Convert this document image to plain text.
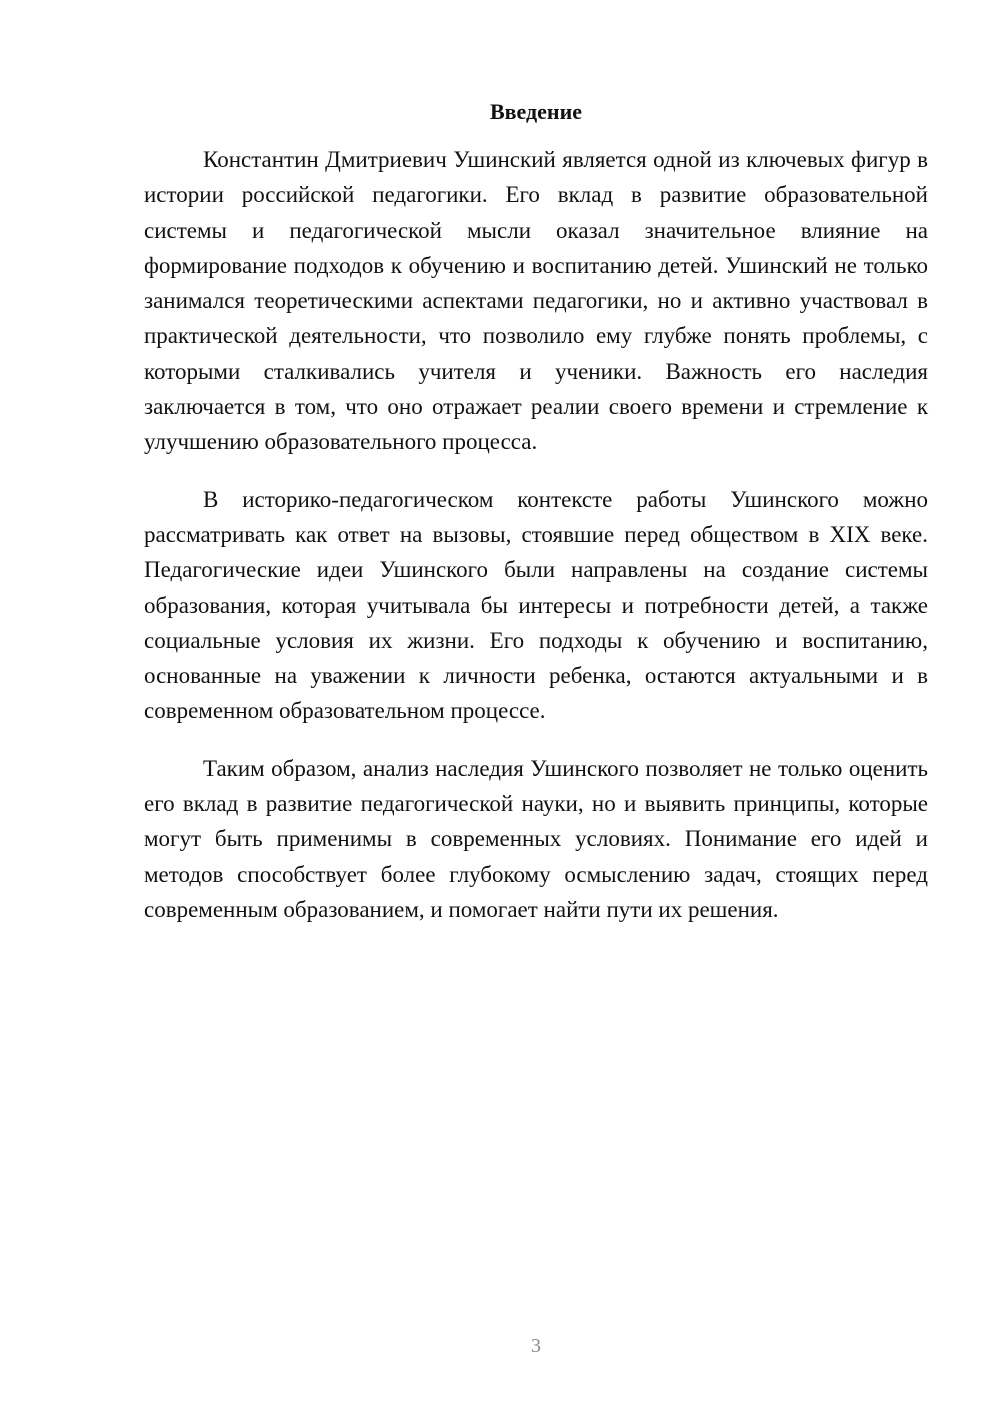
Введение

Константин Дмитриевич Ушинский является одной из ключевых фигур в истории российской педагогики. Его вклад в развитие образовательной системы и педагогической мысли оказал значительное влияние на формирование подходов к обучению и воспитанию детей. Ушинский не только занимался теоретическими аспектами педагогики, но и активно участвовал в практической деятельности, что позволило ему глубже понять проблемы, с которыми сталкивались учителя и ученики. Важность его наследия заключается в том, что оно отражает реалии своего времени и стремление к улучшению образовательного процесса.

В историко-педагогическом контексте работы Ушинского можно рассматривать как ответ на вызовы, стоявшие перед обществом в XIX веке. Педагогические идеи Ушинского были направлены на создание системы образования, которая учитывала бы интересы и потребности детей, а также социальные условия их жизни. Его подходы к обучению и воспитанию, основанные на уважении к личности ребенка, остаются актуальными и в современном образовательном процессе.

Таким образом, анализ наследия Ушинского позволяет не только оценить его вклад в развитие педагогической науки, но и выявить принципы, которые могут быть применимы в современных условиях. Понимание его идей и методов способствует более глубокому осмыслению задач, стоящих перед современным образованием, и помогает найти пути их решения.

3
